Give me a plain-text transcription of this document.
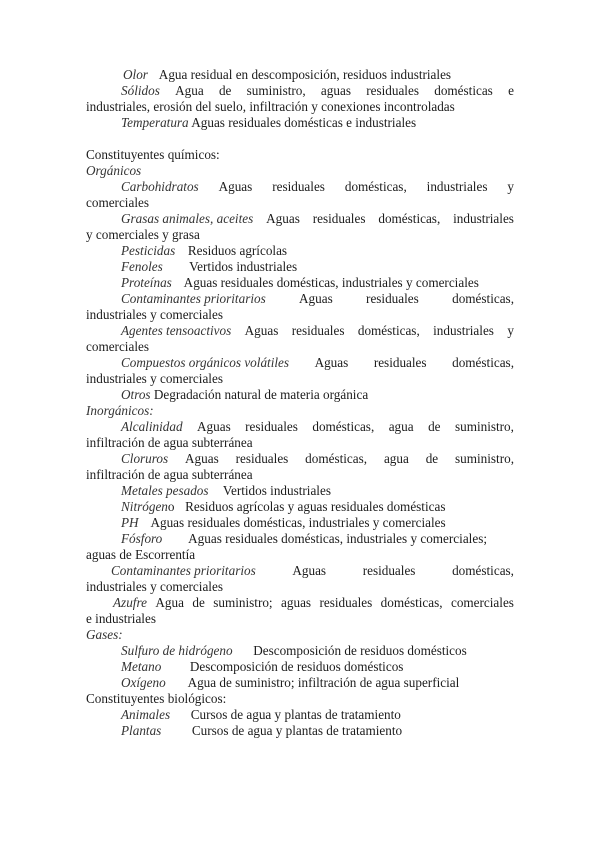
Olor Agua residual en descomposición, residuos industriales
Sólidos Agua de suministro, aguas residuales domésticas e
industriales, erosión del suelo, infiltración y conexiones incontroladas
Temperatura Aguas residuales domésticas e industriales
Constituyentes químicos:
Orgánicos
Carbohidratos Aguas residuales domésticas, industriales y
comerciales
Grasas animales, aceites Aguas residuales domésticas, industriales
y comerciales y grasa
Pesticidas Residuos agrícolas
Fenoles Vertidos industriales
Proteínas Aguas residuales domésticas, industriales y comerciales
Contaminantes prioritarios	Aguas	residuales	domésticas,
industriales y comerciales
Agentes tensoactivos Aguas residuales domésticas, industriales y
comerciales
Compuestos orgánicos volátiles Aguas residuales domésticas,
industriales y comerciales
Otros Degradación natural de materia orgánica
Inorgánicos:
Alcalinidad Aguas residuales domésticas, agua de suministro,
infiltración de agua subterránea
Cloruros Aguas residuales domésticas, agua de suministro,
infiltración de agua subterránea
Metales pesados Vertidos industriales
Nitrógeno Residuos agrícolas y aguas residuales domésticas
PH Aguas residuales domésticas, industriales y comerciales
Fósforo Aguas residuales domésticas, industriales y comerciales;
aguas de Escorrentía
Contaminantes prioritarios	Aguas	residuales	domésticas,
industriales y comerciales
Azufre Agua de suministro; aguas residuales domésticas, comerciales
e industriales
Gases:
Sulfuro de hidrógeno Descomposición de residuos domésticos
Metano Descomposición de residuos domésticos
Oxígeno Agua de suministro; infiltración de agua superficial
Constituyentes biológicos:
Animales Cursos de agua y plantas de tratamiento
Plantas Cursos de agua y plantas de tratamiento
